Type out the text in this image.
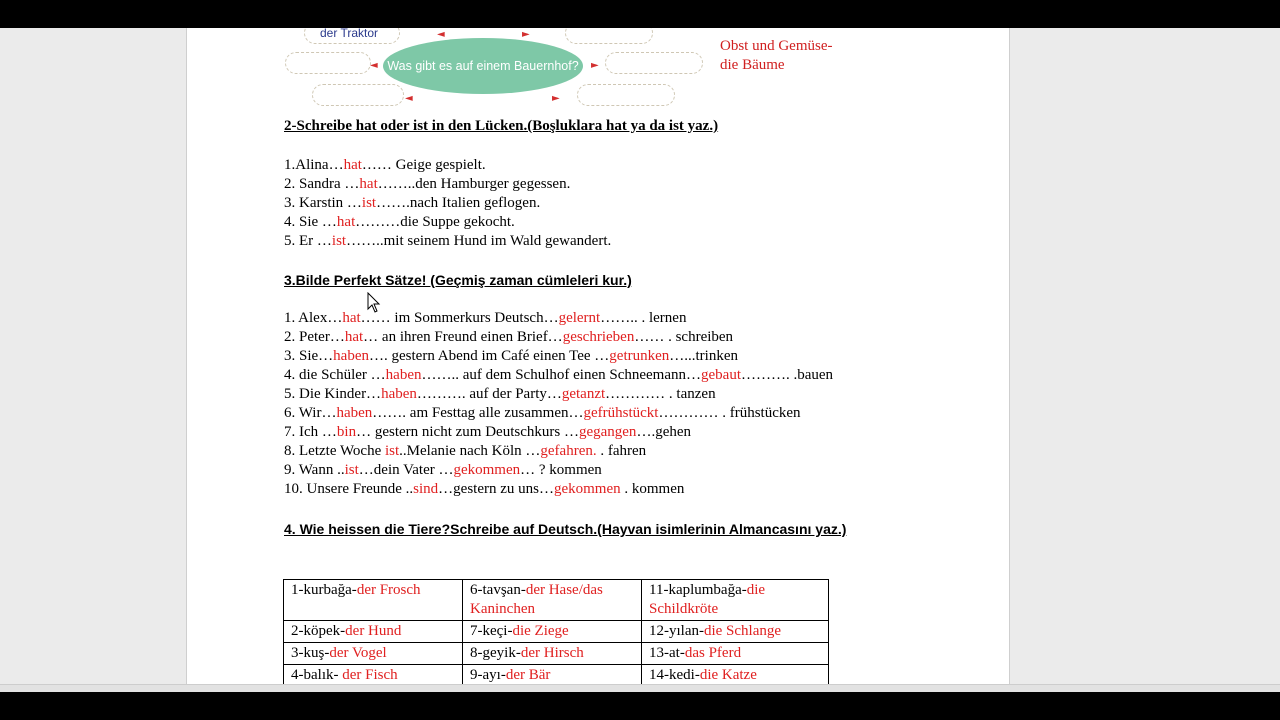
der Traktor
Was gibt es auf einem Bauernhof?
◄	►
◄	►
◄	►
Obst und Gemüse-
die Bäume
2-Schreibe hat oder ist in den Lücken.(Boşluklara hat ya da ist yaz.)
1.Alina…hat…… Geige gespielt.
2. Sandra …hat……..den Hamburger gegessen.
3. Karstin …ist…….nach Italien geflogen.
4. Sie …hat………die Suppe gekocht.
5. Er …ist……..mit seinem Hund im Wald gewandert.
3.Bilde Perfekt Sätze! (Geçmiş zaman cümleleri kur.)
1. Alex…hat…… im Sommerkurs Deutsch…gelernt…….. . lernen
2. Peter…hat… an ihren Freund einen Brief…geschrieben…… . schreiben
3. Sie…haben…. gestern Abend im Café einen Tee …getrunken…...trinken
4. die Schüler …haben…….. auf dem Schulhof einen Schneemann…gebaut………. .bauen
5. Die Kinder…haben………. auf der Party…getanzt………… . tanzen
6. Wir…haben……. am Festtag alle zusammen…gefrühstückt………… . frühstücken
7. Ich …bin… gestern nicht zum Deutschkurs …gegangen….gehen
8. Letzte Woche ist..Melanie nach Köln …gefahren. . fahren
9. Wann ..ist…dein Vater …gekommen… ? kommen
10. Unsere Freunde ..sind…gestern zu uns…gekommen . kommen
4. Wie heissen die Tiere?Schreibe auf Deutsch.(Hayvan isimlerinin Almancasını yaz.)
1-kurbağa-der Frosch	6-tavşan-der Hase/das Kaninchen	11-kaplumbağa-die Schildkröte
2-köpek-der Hund	7-keçi-die Ziege	12-yılan-die Schlange
3-kuş-der Vogel	8-geyik-der Hirsch	13-at-das Pferd
4-balık- der Fisch	9-ayı-der Bär	14-kedi-die Katze
